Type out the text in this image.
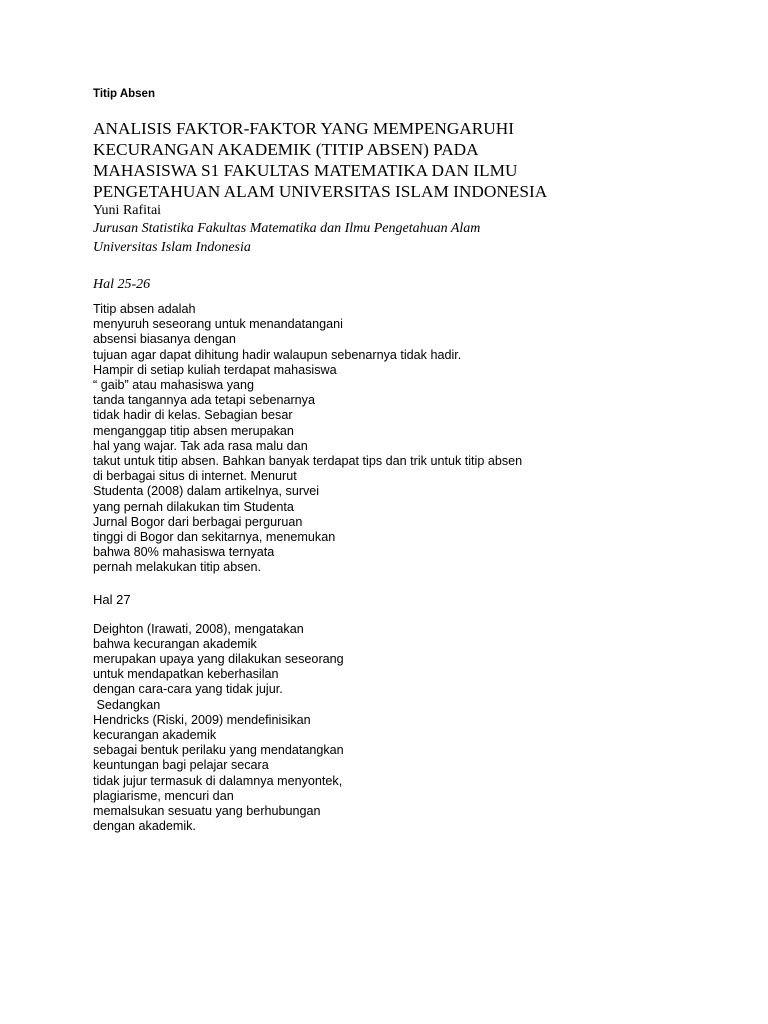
Titip Absen
ANALISIS FAKTOR-FAKTOR YANG MEMPENGARUHI
KECURANGAN AKADEMIK (TITIP ABSEN) PADA
MAHASISWA S1 FAKULTAS MATEMATIKA DAN ILMU
PENGETAHUAN ALAM UNIVERSITAS ISLAM INDONESIA
Yuni Rafitai
Jurusan Statistika Fakultas Matematika dan Ilmu Pengetahuan Alam
Universitas Islam Indonesia
Hal 25-26
Titip absen adalah
menyuruh seseorang untuk menandatangani
absensi biasanya dengan
tujuan agar dapat dihitung hadir walaupun sebenarnya tidak hadir.
Hampir di setiap kuliah terdapat mahasiswa
“ gaib” atau mahasiswa yang
tanda tangannya ada tetapi sebenarnya
tidak hadir di kelas. Sebagian besar
menganggap titip absen merupakan
hal yang wajar. Tak ada rasa malu dan
takut untuk titip absen. Bahkan banyak terdapat tips dan trik untuk titip absen
di berbagai situs di internet. Menurut
Studenta (2008) dalam artikelnya, survei
yang pernah dilakukan tim Studenta
Jurnal Bogor dari berbagai perguruan
tinggi di Bogor dan sekitarnya, menemukan
bahwa 80% mahasiswa ternyata
pernah melakukan titip absen.
Hal 27
Deighton (Irawati, 2008), mengatakan
bahwa kecurangan akademik
merupakan upaya yang dilakukan seseorang
untuk mendapatkan keberhasilan
dengan cara-cara yang tidak jujur.
Sedangkan
Hendricks (Riski, 2009) mendefinisikan
kecurangan akademik
sebagai bentuk perilaku yang mendatangkan
keuntungan bagi pelajar secara
tidak jujur termasuk di dalamnya menyontek,
plagiarisme, mencuri dan
memalsukan sesuatu yang berhubungan
dengan akademik.
